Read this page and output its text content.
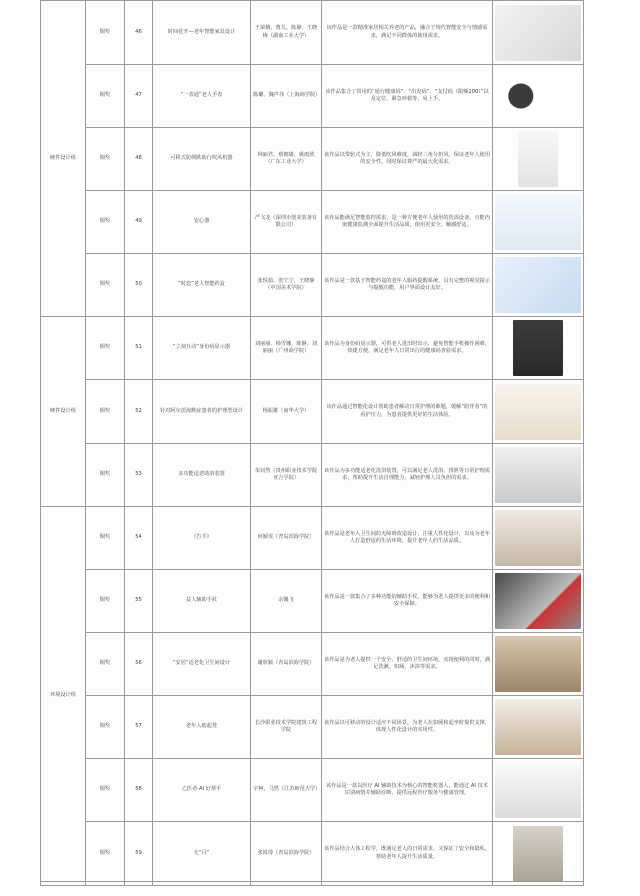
硬件设计组	铜奖	46	时间花开—老年智能家具设计	王荣娥、曹儿、陈静、王晓梅（湖南工业大学）	该作品是一款精准家居相关养老的产品，融合于现代智能安全与情感需求，满足不同群体的使用需求。	

	铜奖	47	“一表通”老人手表	陈璐、魏声伟（上海商学院）	该作品集合了常用的“通行健康码”、“出发码”、“支付码（限额200）”以及定位、紧急呼救等，易上手。	

	铜奖	48	可移式防倒跌助行吹风机器	林丽君、蔡朝雄、姚雨欣（广东工业大学）	该作品以带轮式为主，降低吹风难度，减轻三角分担风，保证老年人使用的安全性。同时保证尊严的最大化需求。	

	铜奖	49	安心器	严飞龙（深圳市创美装备有限公司）	该作品能满足智能监控需求，是一种方便老年人使用的洗浴设备，且能内嵌健康监测全面提升生活品质，使用更安全，触感舒适。	

	铜奖	50	“时恋”老人智能药盒	张悦茹、张宁宁、王晓静（中国美术学院）	该作品是一款基于智能药盒的老年人服药提醒系统，具有完整的视觉提示与提醒功能，用户界面设计友好。	

硬件设计组	铜奖	51	“立刻互动”身份码显示器	刘丽丽、杨雪娜、陈静、刘丽丽（广州商学院）	该作品为身份码显示器，可供老人进出时出示，避免智能手机操作困难，快捷方便，满足老年人日常出行的健康码查验需求。	

	铜奖	52	针对阿尔茨海默症患者的护理型设计	杨振雄（南华大学）	该作品通过智能化设计帮助患者解决日常护理的难题，缓解“陪伴者”的看护压力，为患者提供更好的生活体验。	

	铜奖	53	多功能适老助浴装置	朱钊然（贵州职业技术学院亚吉学院）	该作品为多功能适老化洗浴装置，可以满足老人洗浴、排泄等日常护理需求，帮助提升生活自理能力，减轻护理人员负担的需求。	

环境设计组	铜奖	54	《告手》	何颖雯（青岛滨海学院）	该作品是老年人卫生间的无障碍改造设计，注重人性化设计，以及为老年人打造舒适的生活环境，提升老年人的生活品质。	

	铜奖	55	益人辅助手杖	余馨飞	该作品是一款集合了多种功能的辅助手杖，能够为老人提供更多的便利和安全保障。	

	铜奖	56	“安居”适老化卫生间设计	谢欣颖（青岛滨海学院）	该作品是为老人提供一个安全、舒适的卫生间环境，实现便利的同时，满足洗漱、如厕、沐浴等需求。	

	铜奖	57	老年人助起凳	长沙职业技术学院建筑工程学院	该作品以可移动的设计适应不同场景，为老人在如厕和起坐时提供支撑，体现人性化设计的实用性。	

	铜奖	58	乙医者·AI 好帮手	宇柯、马然（江苏师范大学）	该作品是一款以医疗 AI 辅助技术为核心的智能机器人，能通过 AI 技术识别病情并辅助诊断，提供远程医疗服务与健康管理。	

	铜奖	59	无“目”	张锐琦（青岛滨海学院）	该作品结合人体工程学，既满足老人的日常需求，又保证了安全和隐私，帮助老年人提升生活质量。	
